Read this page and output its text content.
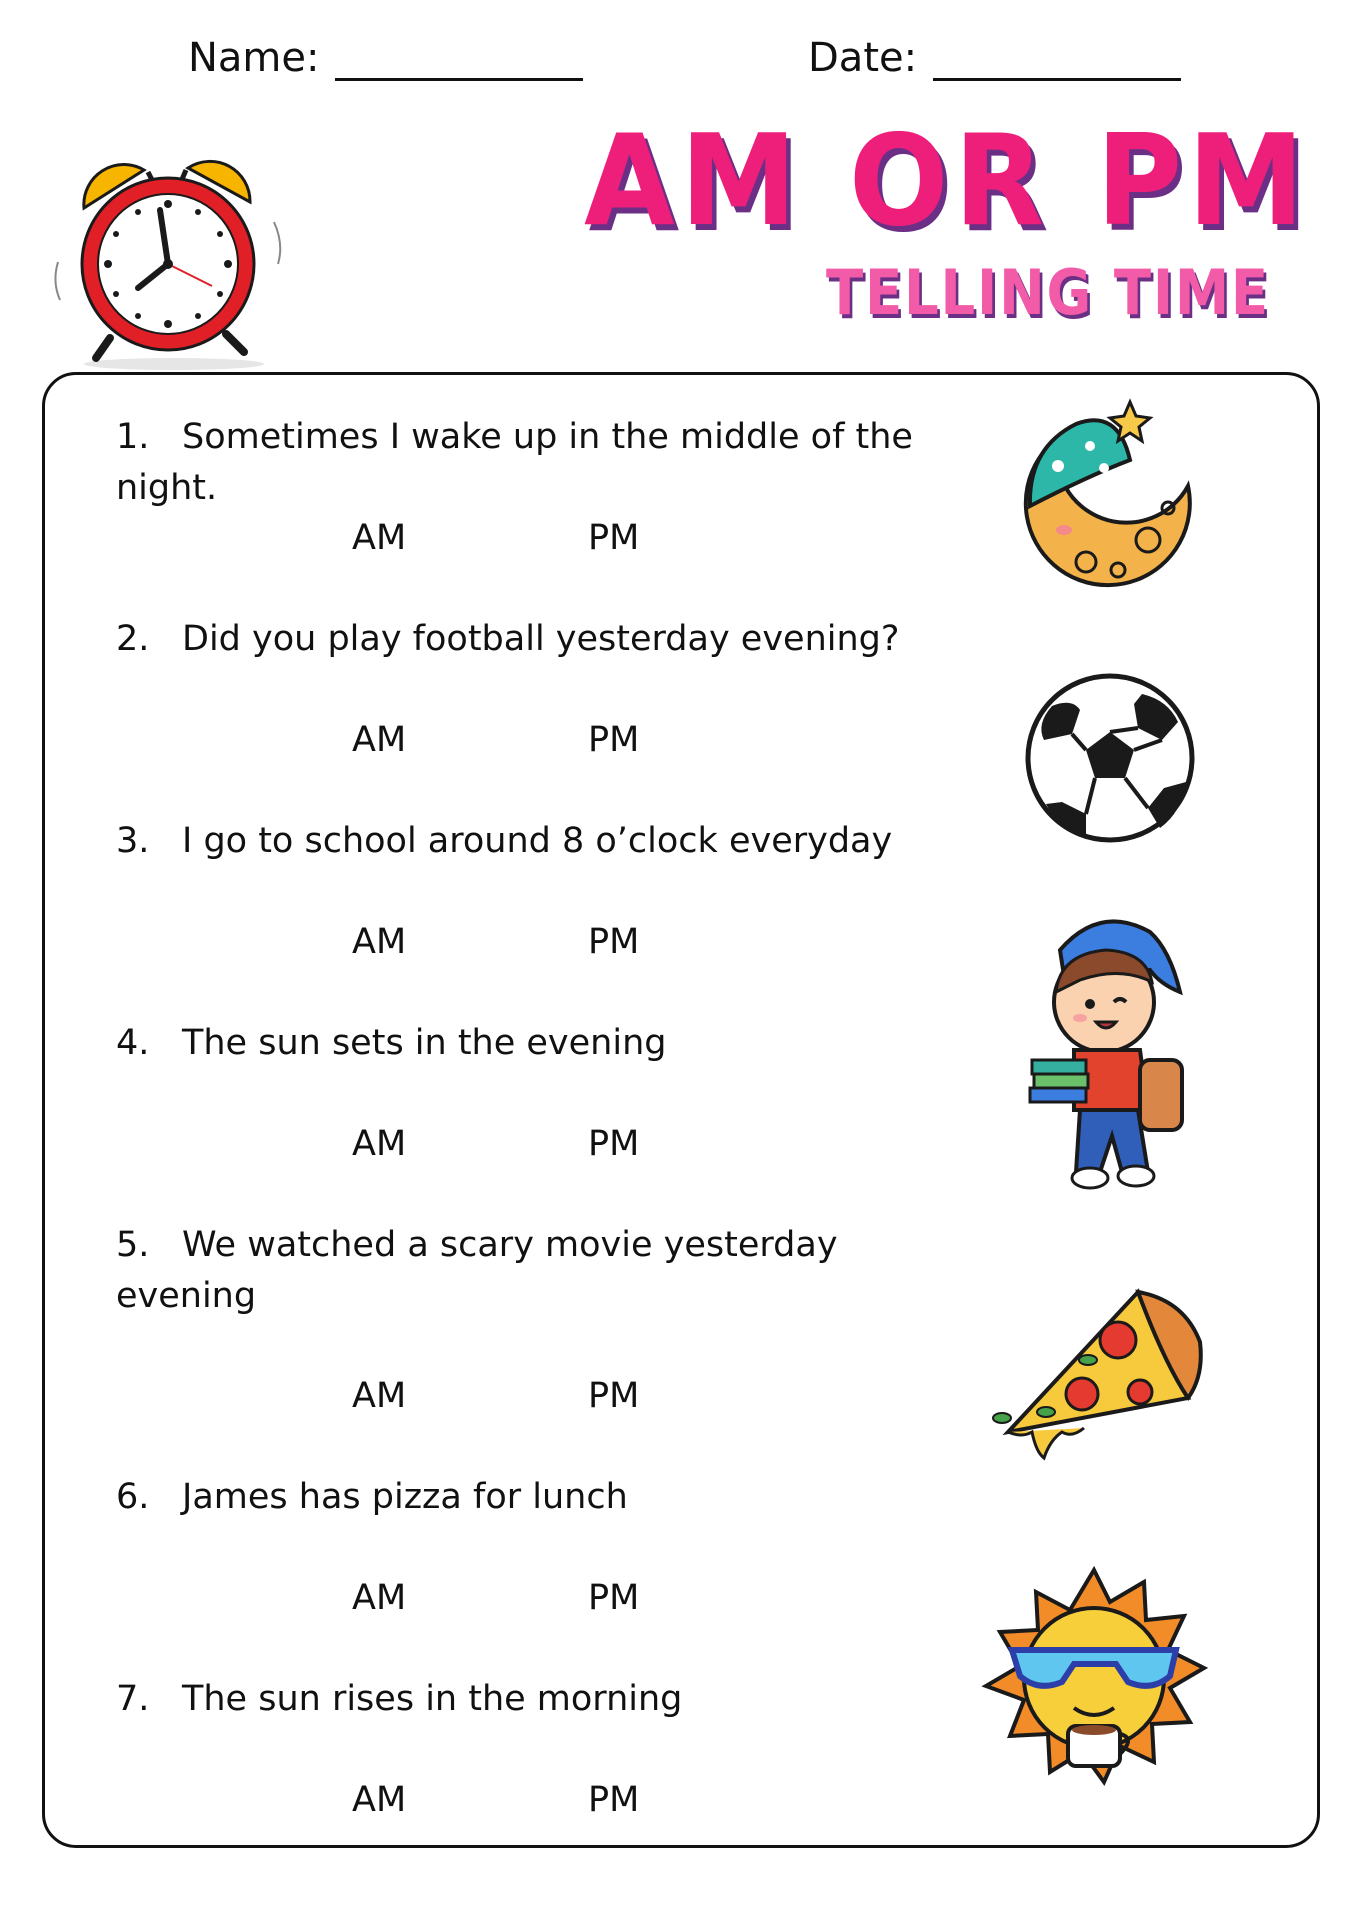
Name:	Date:
AM OR PM
TELLING TIME
1. Sometimes I wake up in the middle of the
night.
AM	PM
2. Did you play football yesterday evening?
AM	PM
3. I go to school around 8 o’clock everyday
AM	PM
4. The sun sets in the evening
AM	PM
5. We watched a scary movie yesterday
evening
AM	PM
6. James has pizza for lunch
AM	PM
7. The sun rises in the morning
AM	PM
